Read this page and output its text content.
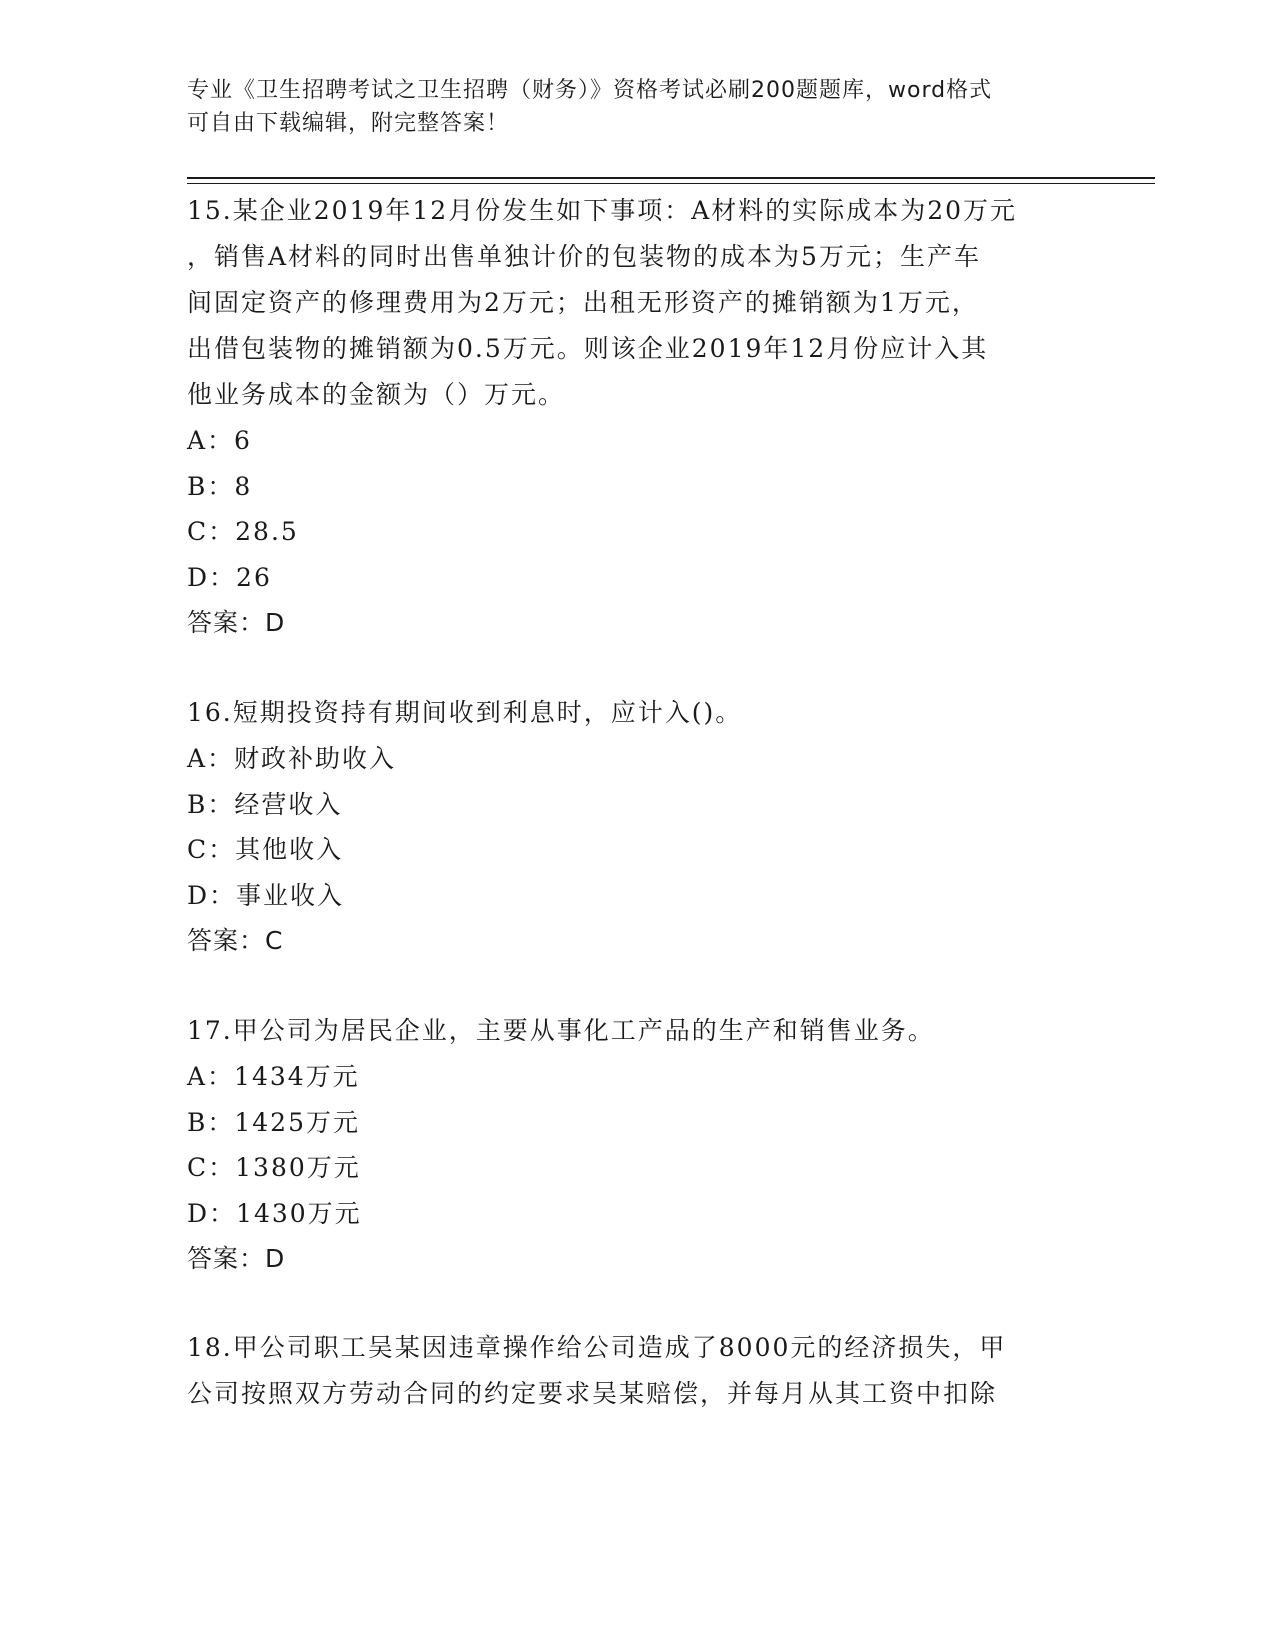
专业《卫生招聘考试之卫生招聘（财务）》资格考试必刷200题题库，word格式
可自由下载编辑，附完整答案！
15.某企业2019年12月份发生如下事项：A材料的实际成本为20万元
，销售A材料的同时出售单独计价的包装物的成本为5万元；生产车
间固定资产的修理费用为2万元；出租无形资产的摊销额为1万元，
出借包装物的摊销额为0.5万元。则该企业2019年12月份应计入其
他业务成本的金额为（）万元。
A：6
B：8
C：28.5
D：26
答案：D
16.短期投资持有期间收到利息时，应计入()。
A：财政补助收入
B：经营收入
C：其他收入
D：事业收入
答案：C
17.甲公司为居民企业，主要从事化工产品的生产和销售业务。
A：1434万元
B：1425万元
C：1380万元
D：1430万元
答案：D
18.甲公司职工吴某因违章操作给公司造成了8000元的经济损失，甲
公司按照双方劳动合同的约定要求吴某赔偿，并每月从其工资中扣除
